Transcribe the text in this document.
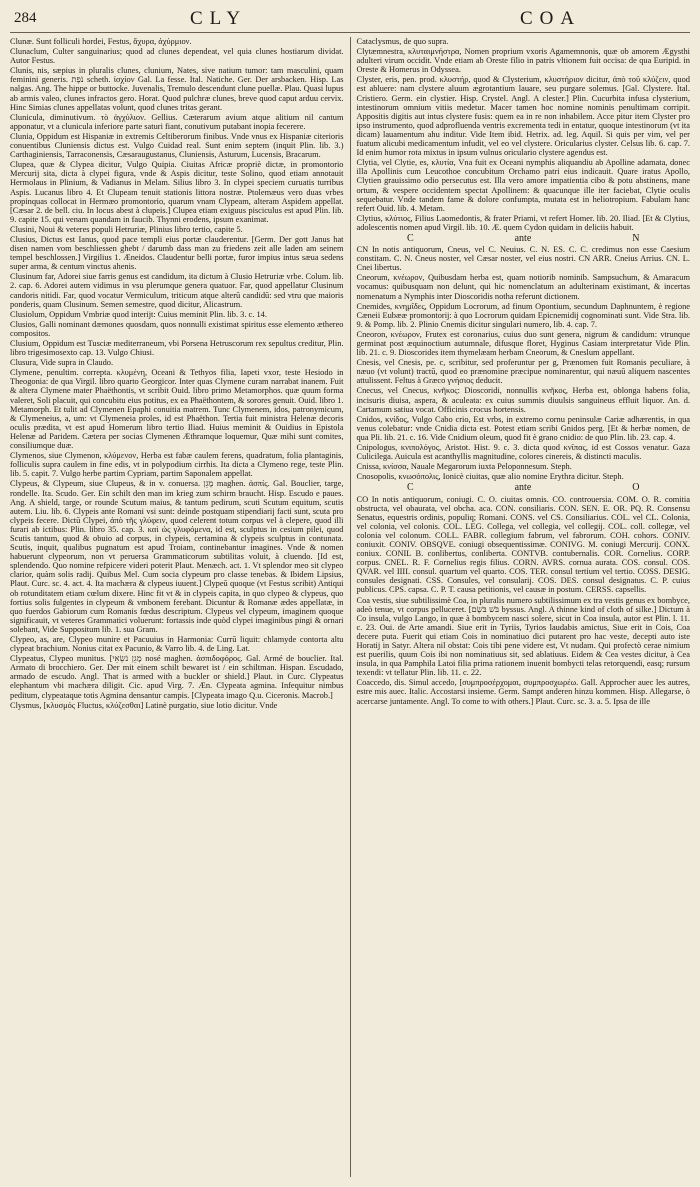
284	CLY	COA

Clunæ. Sunt folliculi hordei, Festus, ἄχυρα, ἀχύρμιον.

Clunaclum, Culter sanguinarius; quod ad clunes dependeat, vel quia clunes hostiarum dividat. Autor Festus.

Clunis, nis, sæpius in pluralis clunes, clunium, Nates, sive natium tumor: tam masculini, quam feminini generis. נֹפֶת scheth. ἰσχίον Gal. La fesse. Ital. Natiche. Ger. Der arsbacken. Hisp. Las nalgas. Ang. The hippe or buttocke. Juvenalis, Tremulo descendunt clune puellæ. Plau. Quasi lupus ab armis valeo, clunes infractos gero. Horat. Quod pulchræ clunes, breve quod caput arduu cervix. Hinc Simias clunes appellatas volunt, quod clunes tritas gerant.

Clunicula, diminutivum. τὸ ἀγχύλιον. Gellius. Cæterarum avium atque alitium nil cantum apponatur, vt a clunicula inferiore parte saturi fiant, conutivum putabant inopia fecerere.

Clunia, Oppidum est Hispaniæ in extremis Celtiberorum finibus. Vnde vnus ex Hispaniæ citerioris conuentibus Cluniensis dictus est. Vulgo Cuidad real. Sunt enim septem (inquit Plin. lib. 3.) Carthaginiensis, Tarraconensis, Cæsaraugustanus, Cluniensis, Asturum, Lucensis, Bracarum.

Clupea, quæ & Clypea dicitur, Vulgo Quipia. Ciuitas Africæ propriè dictæ, in promontorio Mercurij sita, dicta à clypei figura, vnde & Aspis dicitur, teste Solino, quod etiam annotauit Hermolaus in Plinium, & Vadianus in Melam. Silius libro 3. In clypei speciem curuatis turribus Aspis. Lucanus libro 4. Et Clupeam tenuit stationis littora nostræ. Ptolemæus vero duas vrbes propinquas collocat in Hermæo promontorio, quarum vnam Clypeam, alteram Aspidem appellat. [Cæsar 2. de bell. ciu. In locus abest à clupeis.] Clupea etiam exiguus pisciculus est apud Plin. lib. 9. capite 15. qui venam quandam in faucib. Thynni erodens, ipsum exanimat.

Clusini, Noui & veteres populi Hetruriæ, Plinius libro tertio, capite 5.

Clusius, Dictus est Ianus, quod pace templi eius portæ clauderentur. [Germ. Der gott Janus hat disen namen vom beschliessen ghebt / darumb dass man zu friedens zeit alle laden am seinem tempel beschlossen.] Virgilius 1. Æneidos. Claudentur belli portæ, furor impius intus sæua sedens super arma, & centum vinctus ahenis.

Clusinum far, Adorei siue farris genus est candidum, ita dictum à Clusio Hetruriæ vrbe. Colum. lib. 2. cap. 6. Adorei autem vidimus in vsu plerumque genera quatuor. Far, quod appellatur Clusinum candoris nitidi. Far, quod vocatur Vermiculum, triticum atque alterū candidū: sed vtru que maioris ponderis, quam Clusinum. Semen semestre, quod dicitur, Alicastrum.

Clusiolum, Oppidum Vmbriæ quod interijt: Cuius meminit Plin. lib. 3. c. 14.

Clusios, Galli nominant dæmones quosdam, quos nonnulli existimat spiritus esse elemento æthereo compositos.

Clusium, Oppidum est Tusciæ mediterraneum, vbi Porsena Hetruscorum rex sepultus creditur, Plin. libro trigesimosexto cap. 13. Vulgo Chiusi.

Clusura, Vide supra in Claudo.

Clymene, penultim. correpta. κλυμένη, Oceani & Tethyos filia, Iapeti vxor, teste Hesiodo in Theogonia: de qua Virgil. libro quarto Georgicor. Inter quas Clymene curam narrabat inanem. Fuit & altera Clymene mater Phaëthontis, vt scribit Ouid. libro primo Metamorphos. quæ quum forma valeret, Soli placuit, qui concubitu eius potitus, ex ea Phaëthontem, & sorores genuit. Ouid. libro 1. Metamorph. Et tulit ad Clymenen Epaphi conuitia matrem. Tunc Clymenem, idos, patronymicum, & Clymeneius, a, um: vt Clymeneia proles, id est Phaëthon. Tertia fuit ministra Helenæ decoris oculis prædita, vt est apud Homerum libro tertio Iliad. Huius meminit & Ouidius in Epistola Helenæ ad Paridem. Cætera per socias Clymenen Æthramque loquemur, Quæ mihi sunt comites, consiliumque duæ.

Clymenos, siue Clymenon, κλύμενον, Herba est fabæ caulem ferens, quadratum, folia plantaginis, folliculis supra caulem in fine edis, vt in polypodium cirrhis. Ita dicta a Clymeno rege, teste Plin. lib. 5. capit. 7. Vulgo herbe partim Cypriam, partim Saponalem appellat.

Clypeus, & Clypeum, siue Clupeus, & in v. conuersa. מָגֵן maghen. ἀσπίς. Gal. Bouclier, targe, rondelle. Ita. Scudo. Ger. Ein schilt den man im krieg zum schirm braucht. Hisp. Escudo e paues. Ang. A shield, targe, or rounde Scutum maius, & tantum pedirum, scuti Scutum equitum, scutis autem. Liu. lib. 6. Clypeis ante Romani vsi sunt: deinde postquam stipendiarij facti sunt, scuta pro clypeis fecere. Dictū Clypei, ἀπὸ τῆς γλύφειν, quod celerent totum corpus vel à clepere, quod illi furari ab ictibus: Plin. libro 35. cap. 3. καὶ ὡς γλυφόμενα, id est, sculptus in cesium pilei, quod Scutis tantum, quod & obuio ad corpus, in clypeis, certamina & clypeis sculptus in contunata. Scutis, inquit, qualibus pugnatum est apud Troiam, continebantur imagines. Vnde & nomen habuerunt clypeorum, non vt peruersa Grammaticorum subtilitas voluit, à cluendo. [Id est, splendendo. Quo nomine refpicere videri poterit Plaut. Menæch. act. 1. Vt splendor meo sit clypeo clarior, quàm solis radij. Quibus Mel. Cum socia clypeum pro classe tenebas. & Ibidem Lipsius, Plaut. Curc. sc. 4. act. 4. Ita machæra & clypeus iuuent.] Clypeū quoque (vt Festus scribit) Antiqui ob rotunditatem etiam cœlum dixere. Hinc fit vt & in clypeis capita, in quo clypeo & clypeus, quo fortius solis fulgentes in clypeum & vmbonem ferebant. Dicuntur & Romanæ ædes appellatæ, in quo fuerdos Gabiorum cum Romanis fœdus descriptum. Clypeus vel clypeum, imaginem quoque significauit, vt veteres Grammatici voluerunt: fortassis inde quòd clypei imaginibus pingi & ornari solebant, Vide Suppositum lib. 1. sua Gram.

Clypeo, as, are, Clypeo munire et Pacuuius in Harmonia: Currū liquit: chlamyde contorta altu clypeat brachium. Nonius citat ex Pacunio, & Varro lib. 4. de Ling. Lat.

Clypeatus, Clypeo munitus. [מָגֵן נֹשְׂאֵי nosé maghen. ἀσπιδοφόρος. Gal. Armé de bouclier. Ital. Armato di brocchiero. Ger. Der mit einem schilt bewaret ist / ein schiltman. Hispan. Escudado, armado de escudo. Angl. That is armed with a buckler or shield.] Plaut. in Curc. Clypeatus elephantum vbi machæra diligit. Cic. apud Virg. 7. Æn. Clypeata agmina. Infequitur nimbus peditum, clypeataque totis Agmina densantur campis. [Clypeata imago Q.u. Ciceronis. Macrob.]

Clysmus, [κλυσμός Fluctus, κλύζεσθαι] Latinè purgatio, siue lotio dicitur. Vnde

Cataclysmus, de quo supra.

Clytæmnestra, κλυταιμνήστρα, Nomen proprium vxoris Agamemnonis, quæ ob amorem Ægysthi adulteri virum occidit. Vnde etiam ab Oreste filio in patris vltionem fuit occisa: de qua Euripid. in Oreste & Homerus in Odyssea.

Clyster, eris, pen. prod. κλυστήρ, quod & Clysterium, κλυστήριον dicitur, ἀπὸ τοῦ κλύζειν, quod est abluere: nam clystere aluum ægrotantium lauare, seu purgare solemus. [Gal. Clystere. Ital. Cristiero. Germ. ein clystier. Hisp. Crystel. Angl. A clester.] Plin. Cucurbita infusa clysterium, intestinorum omnium vitiis medetur. Macer tamen hoc nomine nominis penultimam corripit. Appositis digitis aut intus clystere fusis: quem ea in re non inhabilem. Acce pitur item Clyster pro ipso instrumento, quod adprofluenda ventris excrementa tedi in entatur, quoque intestinorum (vt ita dicam) lauamentum ahu inditur. Vide Item ibid. Hetrix. ad. leg. Aquil. Si quis per vim, vel per fuatum alicubi medicamentum infudit, vel eo vel clystere. Oricularius clyster. Celsus lib. 6. cap. 7. Id enim humor rota mixtus in ipsum vulnus oriculario clystere agendus est.

Clytia, vel Clytie, es, κλυτία, Vna fuit ex Oceani nymphis aliquandiu ab Apolline adamata, donec illa Apollinis cum Leucothoe concubitum Orchamo patri eius indicauit. Quare iratus Apollo, Clytien grauissimo odio persecutus est. Illa vero amore impatientia cibo & potu abstinens, mane ortum, & vespere occidentem spectat Apollinem: & quacunque ille iter faciebat, Clytie oculis sequebatur. Vnde tandem fame & dolore confumpta, mutata est in heliotropium. Fabulam hanc refert Ouid. lib. 4. Metam.

Clytius, κλύτιος, Filius Laomedontis, & frater Priami, vt refert Homer. lib. 20. Iliad. [Et & Clytius, adolescentis nomen apud Virgil. lib. 10. Æ. quem Cydon quidam in deliciis habuit.

C	ante	N

CN In notis antiquorum, Cneus, vel C. Neuius. C. N. ES. C. C. credimus non esse Caesium constitam. C. N. Cneus noster, vel Cæsar noster, vel eius nostri. CN ARR. Cneius Arrius. CN. L. Cnei libertus.

Cneorum, κνέωρον, Quibusdam herba est, quam notiorib nominib. Sampsuchum, & Amaracum vocamus: quibusquam non delunt, qui hic nomenclatum an adulterinam existimant, & incertas nomenatum a Nymphis inter Dioscoridis notha referunt dictionem.

Cnemides, κνημῖδες, Oppidum Locrorum, ad finum Opontium, secundum Daphnuntem, è regione Cæneii Eubææ promontorij: à quo Locrorum quidam Epicnemidij cognominati sunt. Vide Stra. lib. 9. & Pomp. lib. 2. Plinio Cnemis dicitur singulari numero, lib. 4. cap. 7.

Cneoron, κνέωρον, Frutex est coronarius, cuius duo sunt genera, nigrum & candidum: vtrunque germinat post æquinoctium autumnale, difusque floret, Hyginus Casiam interpretatur Vide Plin. lib. 21. c. 9. Dioscorides item thymelæam herbam Cneorum, & Cneslum appellant.

Cnesis, vel Cnesis, pe. c, scribitur, sed proferuntur per g, Prænomen fuit Romanis peculiare, à næuo (vt volunt) tractū, quod eo prænomine præcipue nominarentur, qui næuū aliquem nascentes attulissent. Feltus à Græco γνήσιος deducit.

Cnecus, vel Cnecus, κνῆκος: Dioscoridi, nonnullis κνῆκος, Herba est, oblonga habens folia, incisuris diuisa, aspera, & aculeata: ex cuius summis diuulsis sanguineus effluit liquor. An. d. Cartamum satiua vocat. Officinis crocus hortensis.

Cnidos, κνίδος, Vulgo Cabo crio, Est vrbs, in extremo cornu peninsulæ Cariæ adhærentis, in qua venus colebatur: vnde Cnidia dicta est. Potest etiam scribi Gnidos perg. [Et & herbæ nomen, de qua Pli. lib. 21. c. 16. Vide Cnidium oleum, quod fit è grano cnidio: de quo Plin. lib. 23. cap. 4.

Cnipologus, κνιπολόγος, Aristot. Hist. 9. c. 3. dicta quod κνῖπας, id est Cossos venatur. Gaza Culicilega. Auicula est acanthyllis magnitudine, colores cinereis, & distincti maculis.

Cnissa, κνίσσα, Nauale Megarorum iuxta Peloponnesum. Steph.

Cnosopolis, κνωσόπολις, Ionicè ciuitas, quæ alio nomine Erythra dicitur. Steph.

C	ante	O

CO In notis antiquorum, coniugi. C. O. ciuitas omnis. CO. controuersia. COM. O. R. comitia obstructa, vel obaurata, vel obcha. aca. CON. consiliaris. CON. SEN. E. OR. PQ. R. Consensu Senatus, equestris ordinis, populiq; Romani. CONS. vel CS. Consiliarius. COL. vel CL. Colonia, vel colonia, vel colonis. COL. LEG. Collega, vel collegia, vel collegij. COL. coll. collegæ, vel colonia vel colonum. COLL. FABR. collegium fabrum, vel fabrorum. COH. cohors. CONIV. coniuxit. CONIV. OBSQVE. coniugi obsequentissimæ. CONIVG. M. coniugi Mercurij. CONX. coniux. CONIL B. conlibertus, conliberta. CONTVB. contubernalis. COR. Cornelius. CORP. corpus. CNEL. R. F. Cornelius regis filius. CORN. AVRS. cornua aurata. COS. consul. COS. QVAR. vel IIII. consul. quartum vel quarto. COS. TER. consul tertium vel tertio. COSS. DESIG. consules designati. CSS. Consules, vel consularij. COS. DES. consul designatus. C. P. cuius publicus. CPS. capsa. C. P. T. causa petitionis, vel causæ in postum. CERSS. capsellis.

Coa vestis, siue subtilissimè Coa, in pluralis numero subtilissimum ex tra vestis genus ex bombyce, adeò tenue, vt corpus pelluceret. [בֹּשׁ בֹּשֶׂם byssus. Angl. A thinne kind of cloth of silke.] Dictum à Co insula, vulgo Lango, in quæ à bombycem nasci solere, sicut in Coa insula, autor est Plin. l. 11. c. 23. Oui. de Arte amandi. Siue erit in Tyriis, Tyrios laudabis amictus, Siue erit in Cois, Coa decere puta. Fuerit qui etiam Cois in nominatiuo dici putarent pro hac veste, decepti auto iste Horatij in Satyr. Altera nil obstat: Cois tibi pene videre est, Vt nudam. Qui profectò cerae nimium est puerilis, quum Cois ibi non nominatiuus sit, sed ablatiuus. Eidem & Cea vestes dicitur, à Cea insula, in qua Pamphila Latoi filia prima rationem inuenit bombycti telas retorquendi, easq; rursum texendi: vt tellatur Plin. lib. 11. c. 22.

Coaccedo, dis. Simul accedo, [συμπροσέρχομαι, συμπροσχωρέω. Gall. Approcher auec les autres, estre mis auec. Italic. Accostarsi insieme. Germ. Sampt anderen hinzu kommen. Hisp. Allegarse, ò acercarse juntamente. Angl. To come to with others.] Plaut. Curc. sc. 3. a. 5. Ipsa de ille
